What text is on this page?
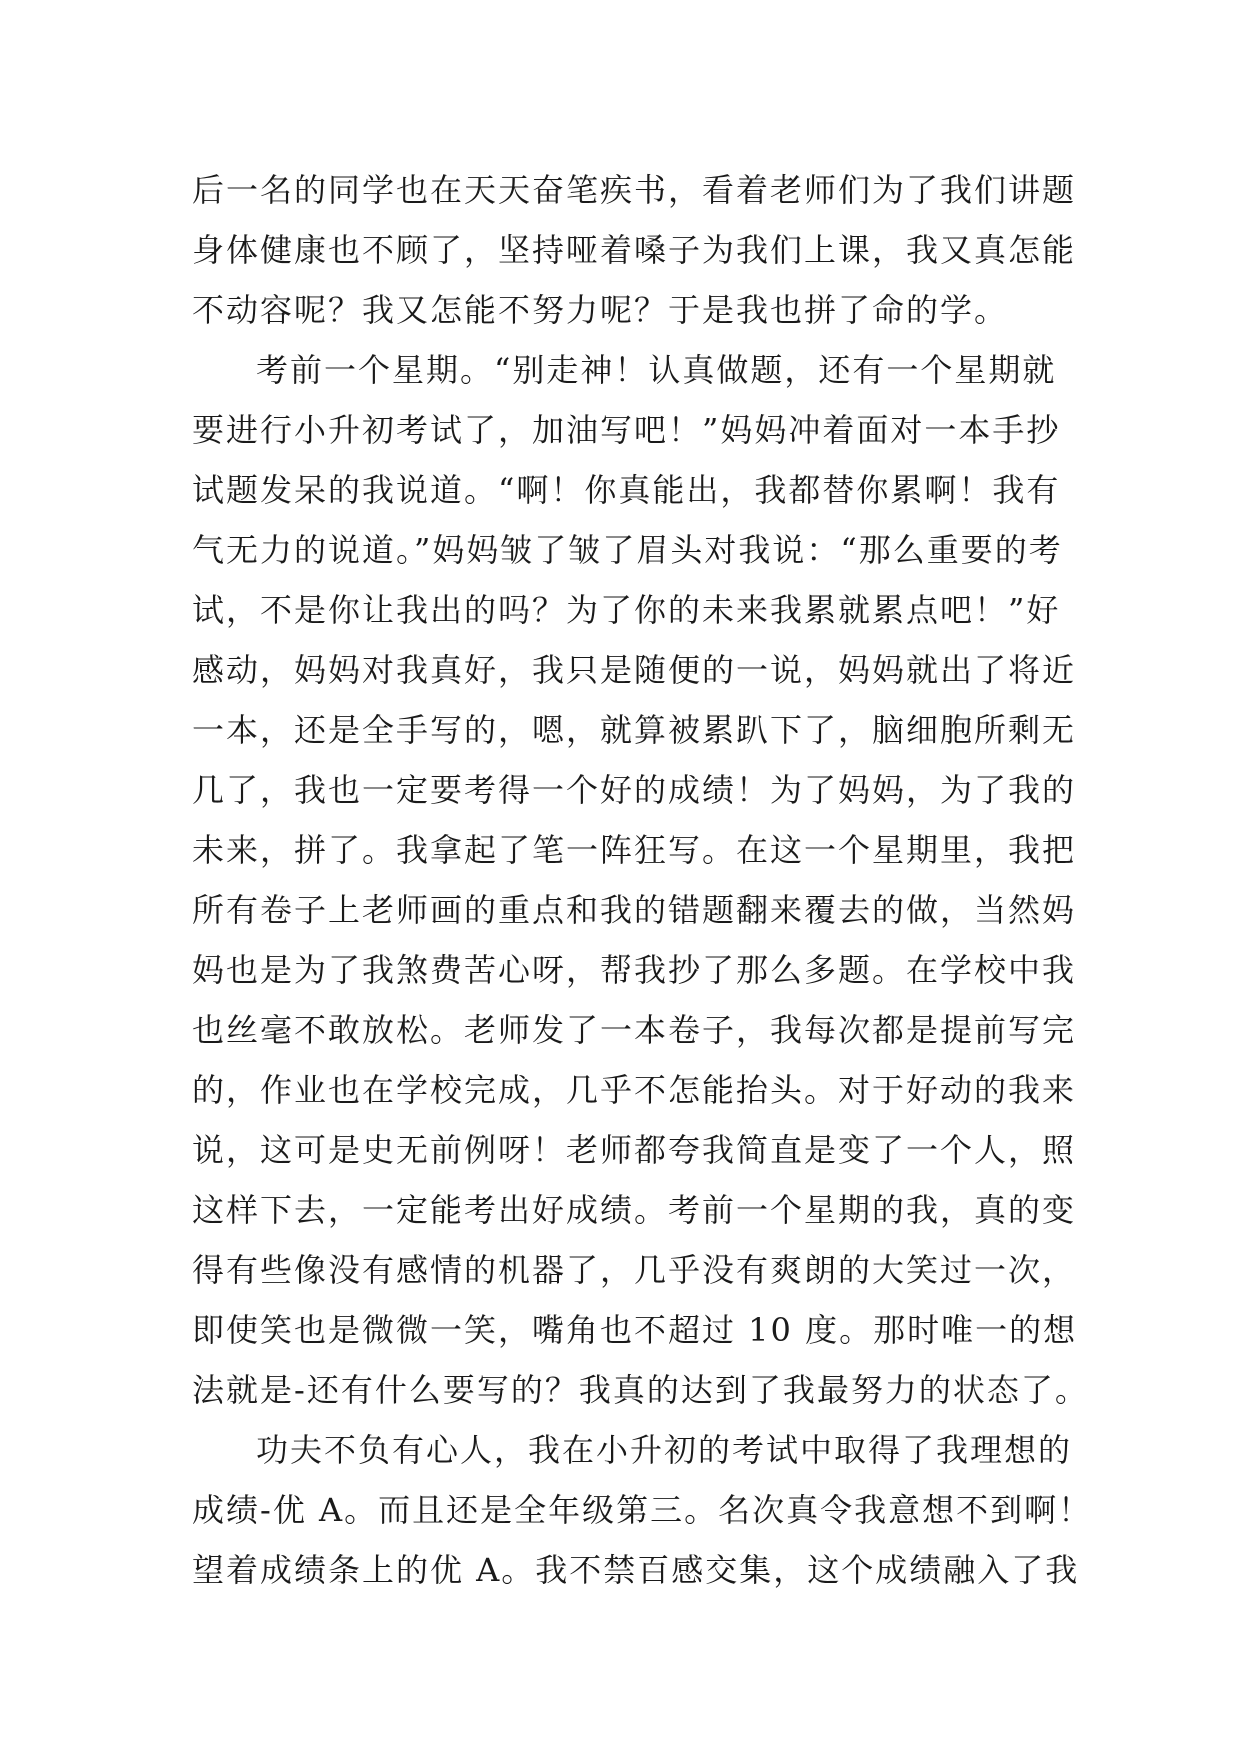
后一名的同学也在天天奋笔疾书，看着老师们为了我们讲题
身体健康也不顾了，坚持哑着嗓子为我们上课，我又真怎能
不动容呢？我又怎能不努力呢？于是我也拼了命的学。
考前一个星期。“别走神！认真做题，还有一个星期就
要进行小升初考试了，加油写吧！”妈妈冲着面对一本手抄
试题发呆的我说道。“啊！你真能出，我都替你累啊！我有
气无力的说道。”妈妈皱了皱了眉头对我说：“那么重要的考
试，不是你让我出的吗？为了你的未来我累就累点吧！”好
感动，妈妈对我真好，我只是随便的一说，妈妈就出了将近
一本，还是全手写的，嗯，就算被累趴下了，脑细胞所剩无
几了，我也一定要考得一个好的成绩！为了妈妈，为了我的
未来，拼了。我拿起了笔一阵狂写。在这一个星期里，我把
所有卷子上老师画的重点和我的错题翻来覆去的做，当然妈
妈也是为了我煞费苦心呀，帮我抄了那么多题。在学校中我
也丝毫不敢放松。老师发了一本卷子，我每次都是提前写完
的，作业也在学校完成，几乎不怎能抬头。对于好动的我来
说，这可是史无前例呀！老师都夸我简直是变了一个人，照
这样下去，一定能考出好成绩。考前一个星期的我，真的变
得有些像没有感情的机器了，几乎没有爽朗的大笑过一次，
即使笑也是微微一笑，嘴角也不超过 10 度。那时唯一的想
法就是-还有什么要写的？我真的达到了我最努力的状态了。
功夫不负有心人，我在小升初的考试中取得了我理想的
成绩-优 A。而且还是全年级第三。名次真令我意想不到啊！
望着成绩条上的优 A。我不禁百感交集，这个成绩融入了我
